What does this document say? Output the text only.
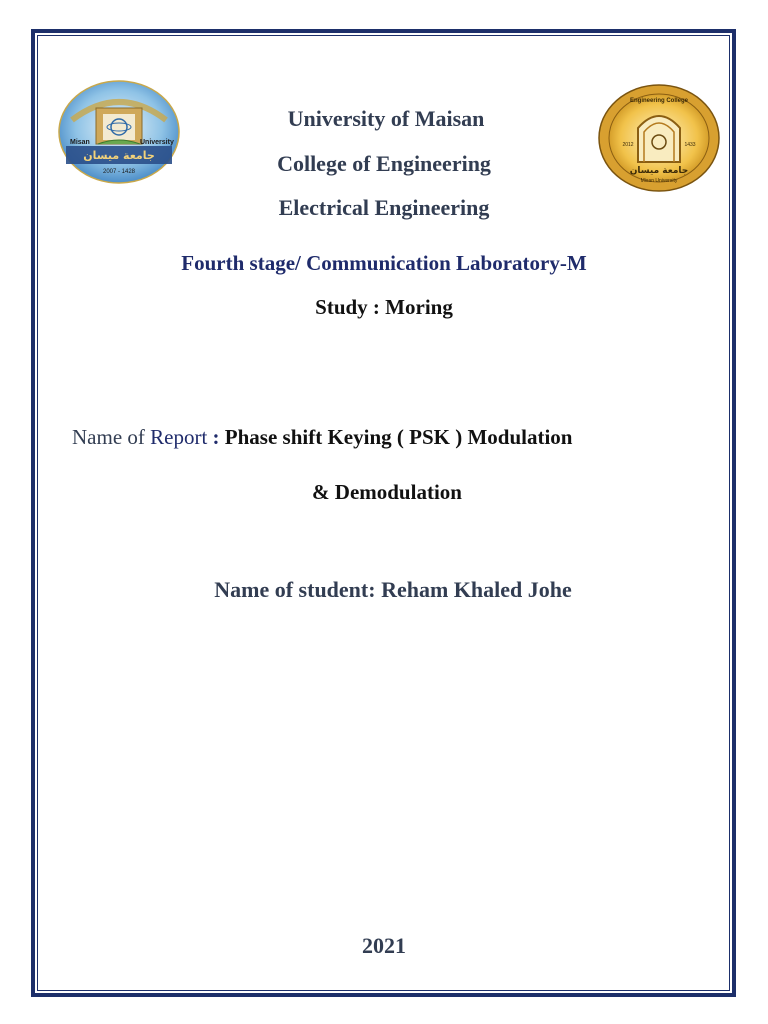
Misan	University
جامعة ميسان
2007 - 1428
Engineering College
2012	1433
جامعة ميسان
Misan University
University of Maisan
College of Engineering
Electrical Engineering
Fourth stage/ Communication Laboratory-M
Study : Moring
Name of Report : Phase shift Keying ( PSK ) Modulation
& Demodulation
Name of student: Reham Khaled Johe
2021
